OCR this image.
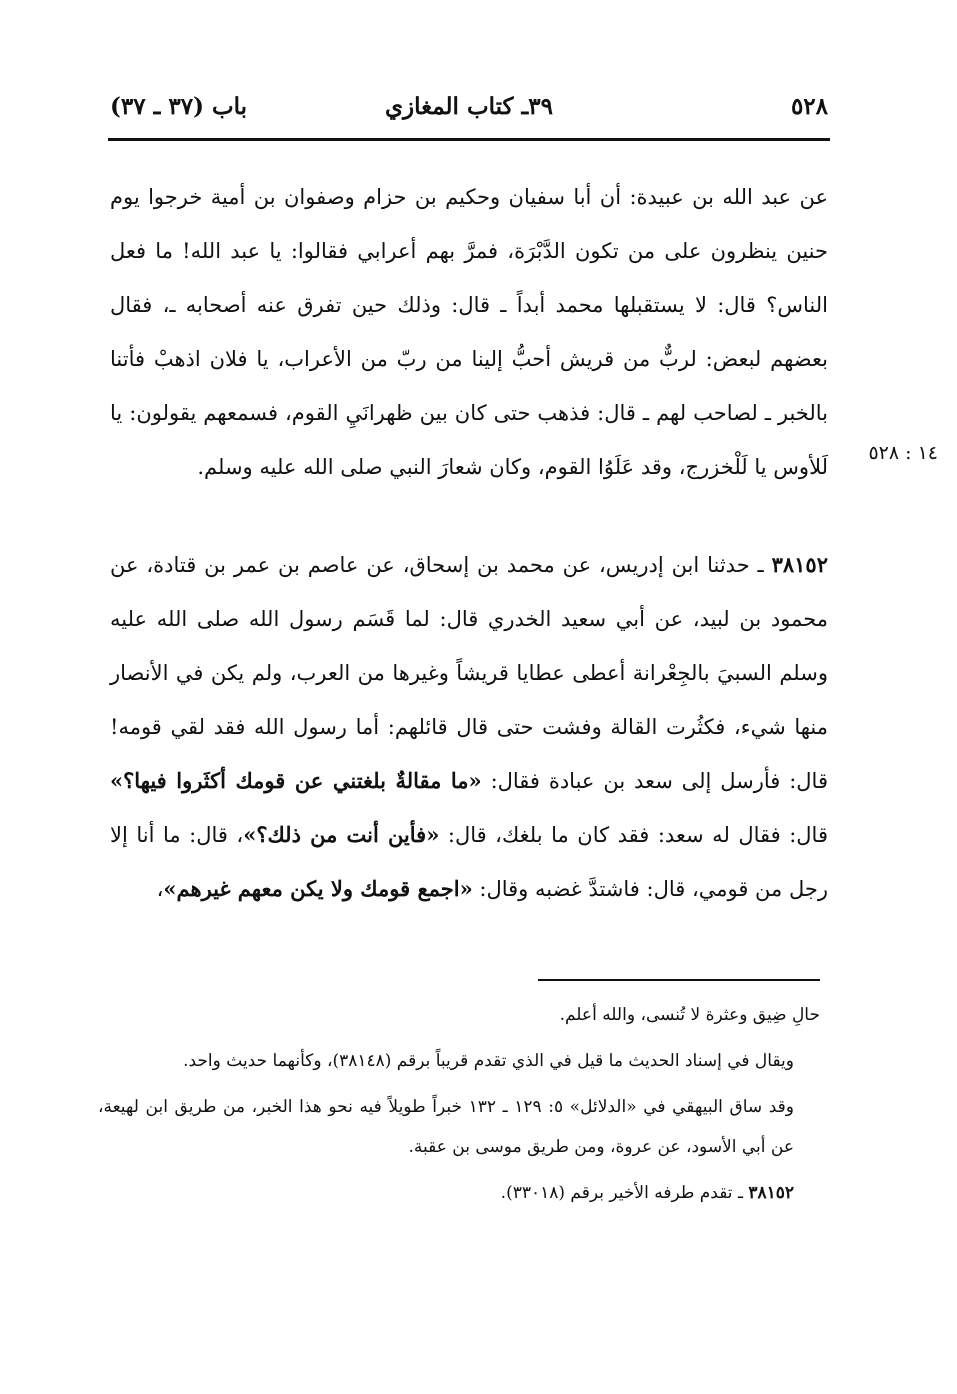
٥٢٨
٣٩ـ كتاب المغازي
باب (٣٧ ـ ٣٧)
١٤ : ٥٢٨

عن عبد الله بن عبيدة: أن أبا سفيان وحكيم بن حزام وصفوان بن أمية خرجوا يوم حنين ينظرون على من تكون الدَّبْرَة، فمرَّ بهم أعرابي فقالوا: يا عبد الله! ما فعل الناس؟ قال: لا يستقبلها محمد أبداً ـ قال: وذلك حين تفرق عنه أصحابه ـ، فقال بعضهم لبعض: لربٌّ من قريش أحبُّ إلينا من ربّ من الأعراب، يا فلان اذهبْ فأتنا بالخبر ـ لصاحب لهم ـ قال: فذهب حتى كان بين ظهرانَيِ القوم، فسمعهم يقولون: يا لَلأوس يا لَلْخزرج، وقد عَلَوُا القوم، وكان شعارَ النبي صلى الله عليه وسلم.

٣٨١٥٢ ـ حدثنا ابن إدريس، عن محمد بن إسحاق، عن عاصم بن عمر بن قتادة، عن محمود بن لبيد، عن أبي سعيد الخدري قال: لما قَسَم رسول الله صلى الله عليه وسلم السبيَ بالجِعْرانة أعطى عطايا قريشاً وغيرها من العرب، ولم يكن في الأنصار منها شيء، فكثُرت القالة وفشت حتى قال قائلهم: أما رسول الله فقد لقي قومه! قال: فأرسل إلى سعد بن عبادة فقال: «ما مقالةٌ بلغتني عن قومك أكثَروا فيها؟» قال: فقال له سعد: فقد كان ما بلغك، قال: «فأين أنت من ذلك؟»، قال: ما أنا إلا رجل من قومي، قال: فاشتدَّ غضبه وقال: «اجمع قومك ولا يكن معهم غيرهم»،

حالِ ضِيق وعثرة لا تُنسى، والله أعلم.

ويقال في إسناد الحديث ما قيل في الذي تقدم قريباً برقم (٣٨١٤٨)، وكأنهما حديث واحد.

وقد ساق البيهقي في «الدلائل» ٥: ١٢٩ ـ ١٣٢ خبراً طويلاً فيه نحو هذا الخبر، من طريق ابن لهيعة، عن أبي الأسود، عن عروة، ومن طريق موسى بن عقبة.

٣٨١٥٢ ـ تقدم طرفه الأخير برقم (٣٣٠١٨).
